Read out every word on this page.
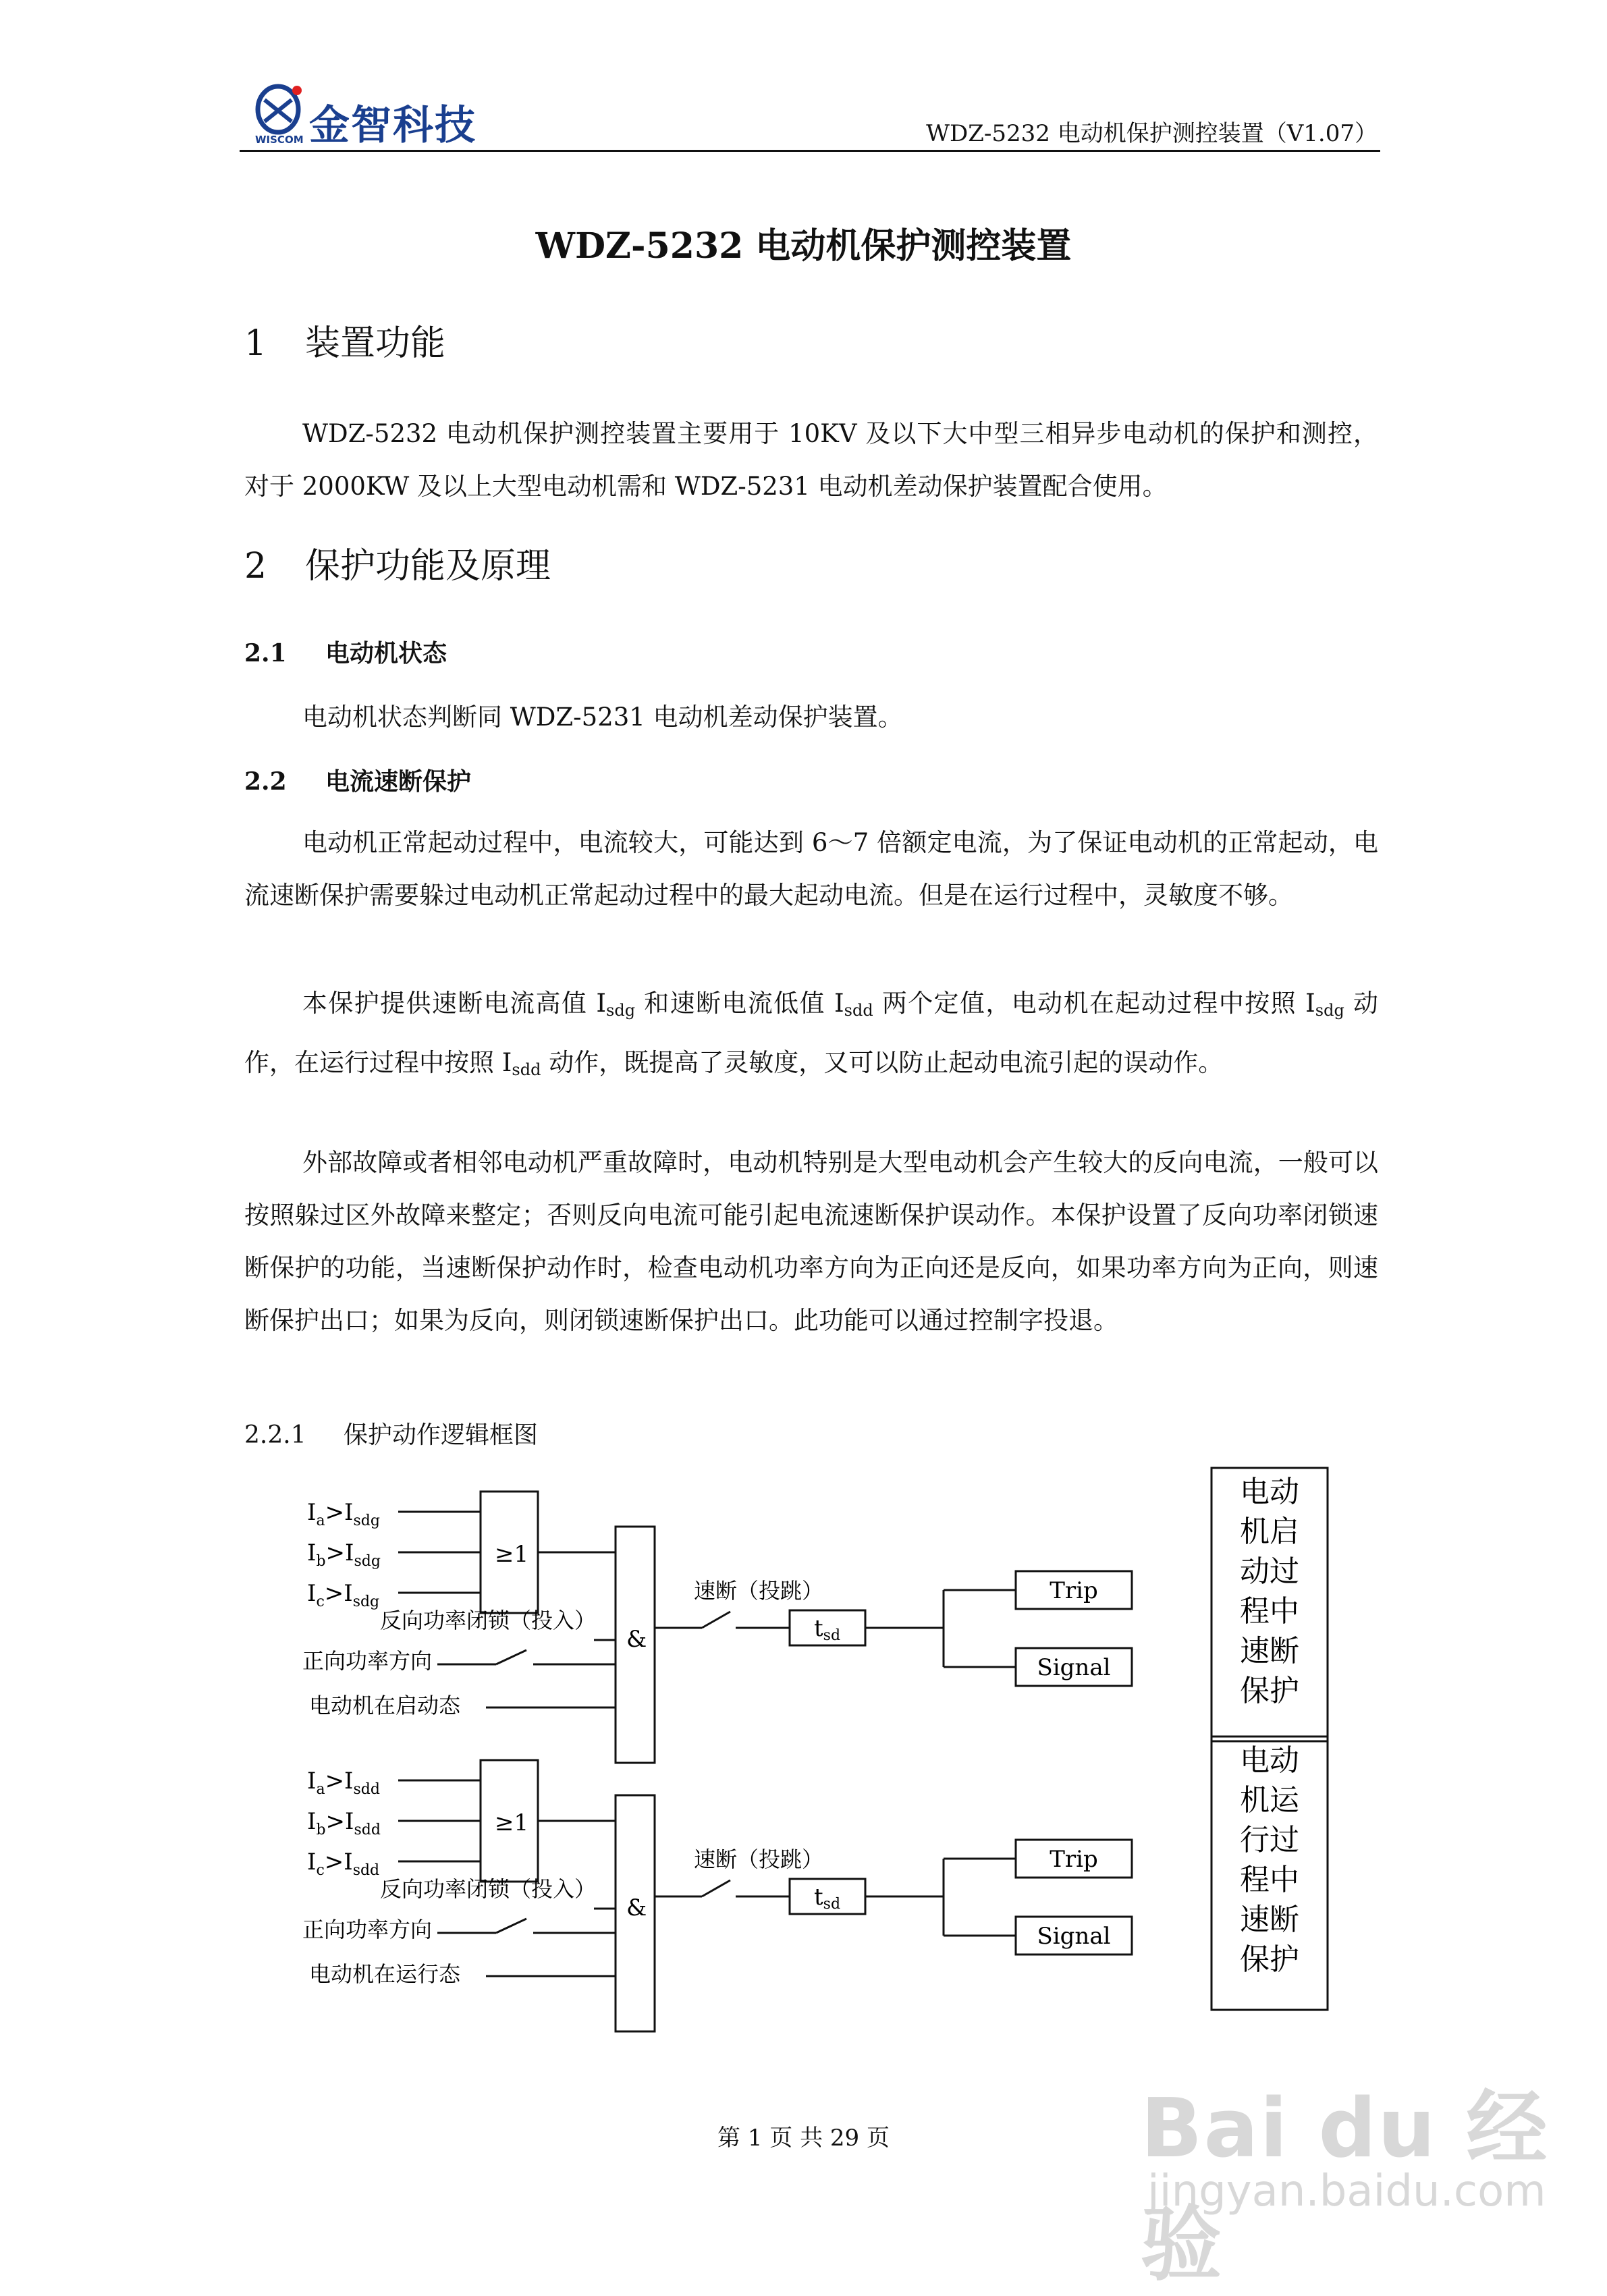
金智科技
WISCOM	WDZ-5232 电动机保护测控装置（V1.07）
WDZ-5232 电动机保护测控装置
1 装置功能
WDZ-5232 电动机保护测控装置主要用于 10KV 及以下大中型三相异步电动机的保护和测控，对于 2000KW 及以上大型电动机需和 WDZ-5231 电动机差动保护装置配合使用。
2 保护功能及原理
2.1 电动机状态
电动机状态判断同 WDZ-5231 电动机差动保护装置。
2.2 电流速断保护
电动机正常起动过程中，电流较大，可能达到 6～7 倍额定电流，为了保证电动机的正常起动，电流速断保护需要躲过电动机正常起动过程中的最大起动电流。但是在运行过程中，灵敏度不够。
本保护提供速断电流高值 $I_{sdg}$ 和速断电流低值 $I_{sdd}$ 两个定值，电动机在起动过程中按照 $I_{sdg}$ 动作，在运行过程中按照 $I_{sdd}$ 动作，既提高了灵敏度，又可以防止起动电流引起的误动作。
外部故障或者相邻电动机严重故障时，电动机特别是大型电动机会产生较大的反向电流，一般可以按照躲过区外故障来整定；否则反向电流可能引起电流速断保护误动作。本保护设置了反向功率闭锁速断保护的功能，当速断保护动作时，检查电动机功率方向为正向还是反向，如果功率方向为正向，则速断保护出口；如果为反向，则闭锁速断保护出口。此功能可以通过控制字投退。
2.2.1 保护动作逻辑框图
$I_a>I_{sdg}$
$I_b>I_{sdg}$
$I_c>I_{sdg}$
≥1
&
反向功率闭锁（投入）
正向功率方向
电动机在启动态
速断（投跳）
tsd
Trip
Signal
电动
机启
动过
程中
速断
保护
$I_a>I_{sdd}$
$I_b>I_{sdd}$
$I_c>I_{sdd}$
≥1
&
反向功率闭锁（投入）
正向功率方向
电动机在运行态
速断（投跳）
tsd
Trip
Signal
电动
机运
行过
程中
速断
保护
第 1 页 共 29 页	Bai du 经验
jingyan.baidu.com
